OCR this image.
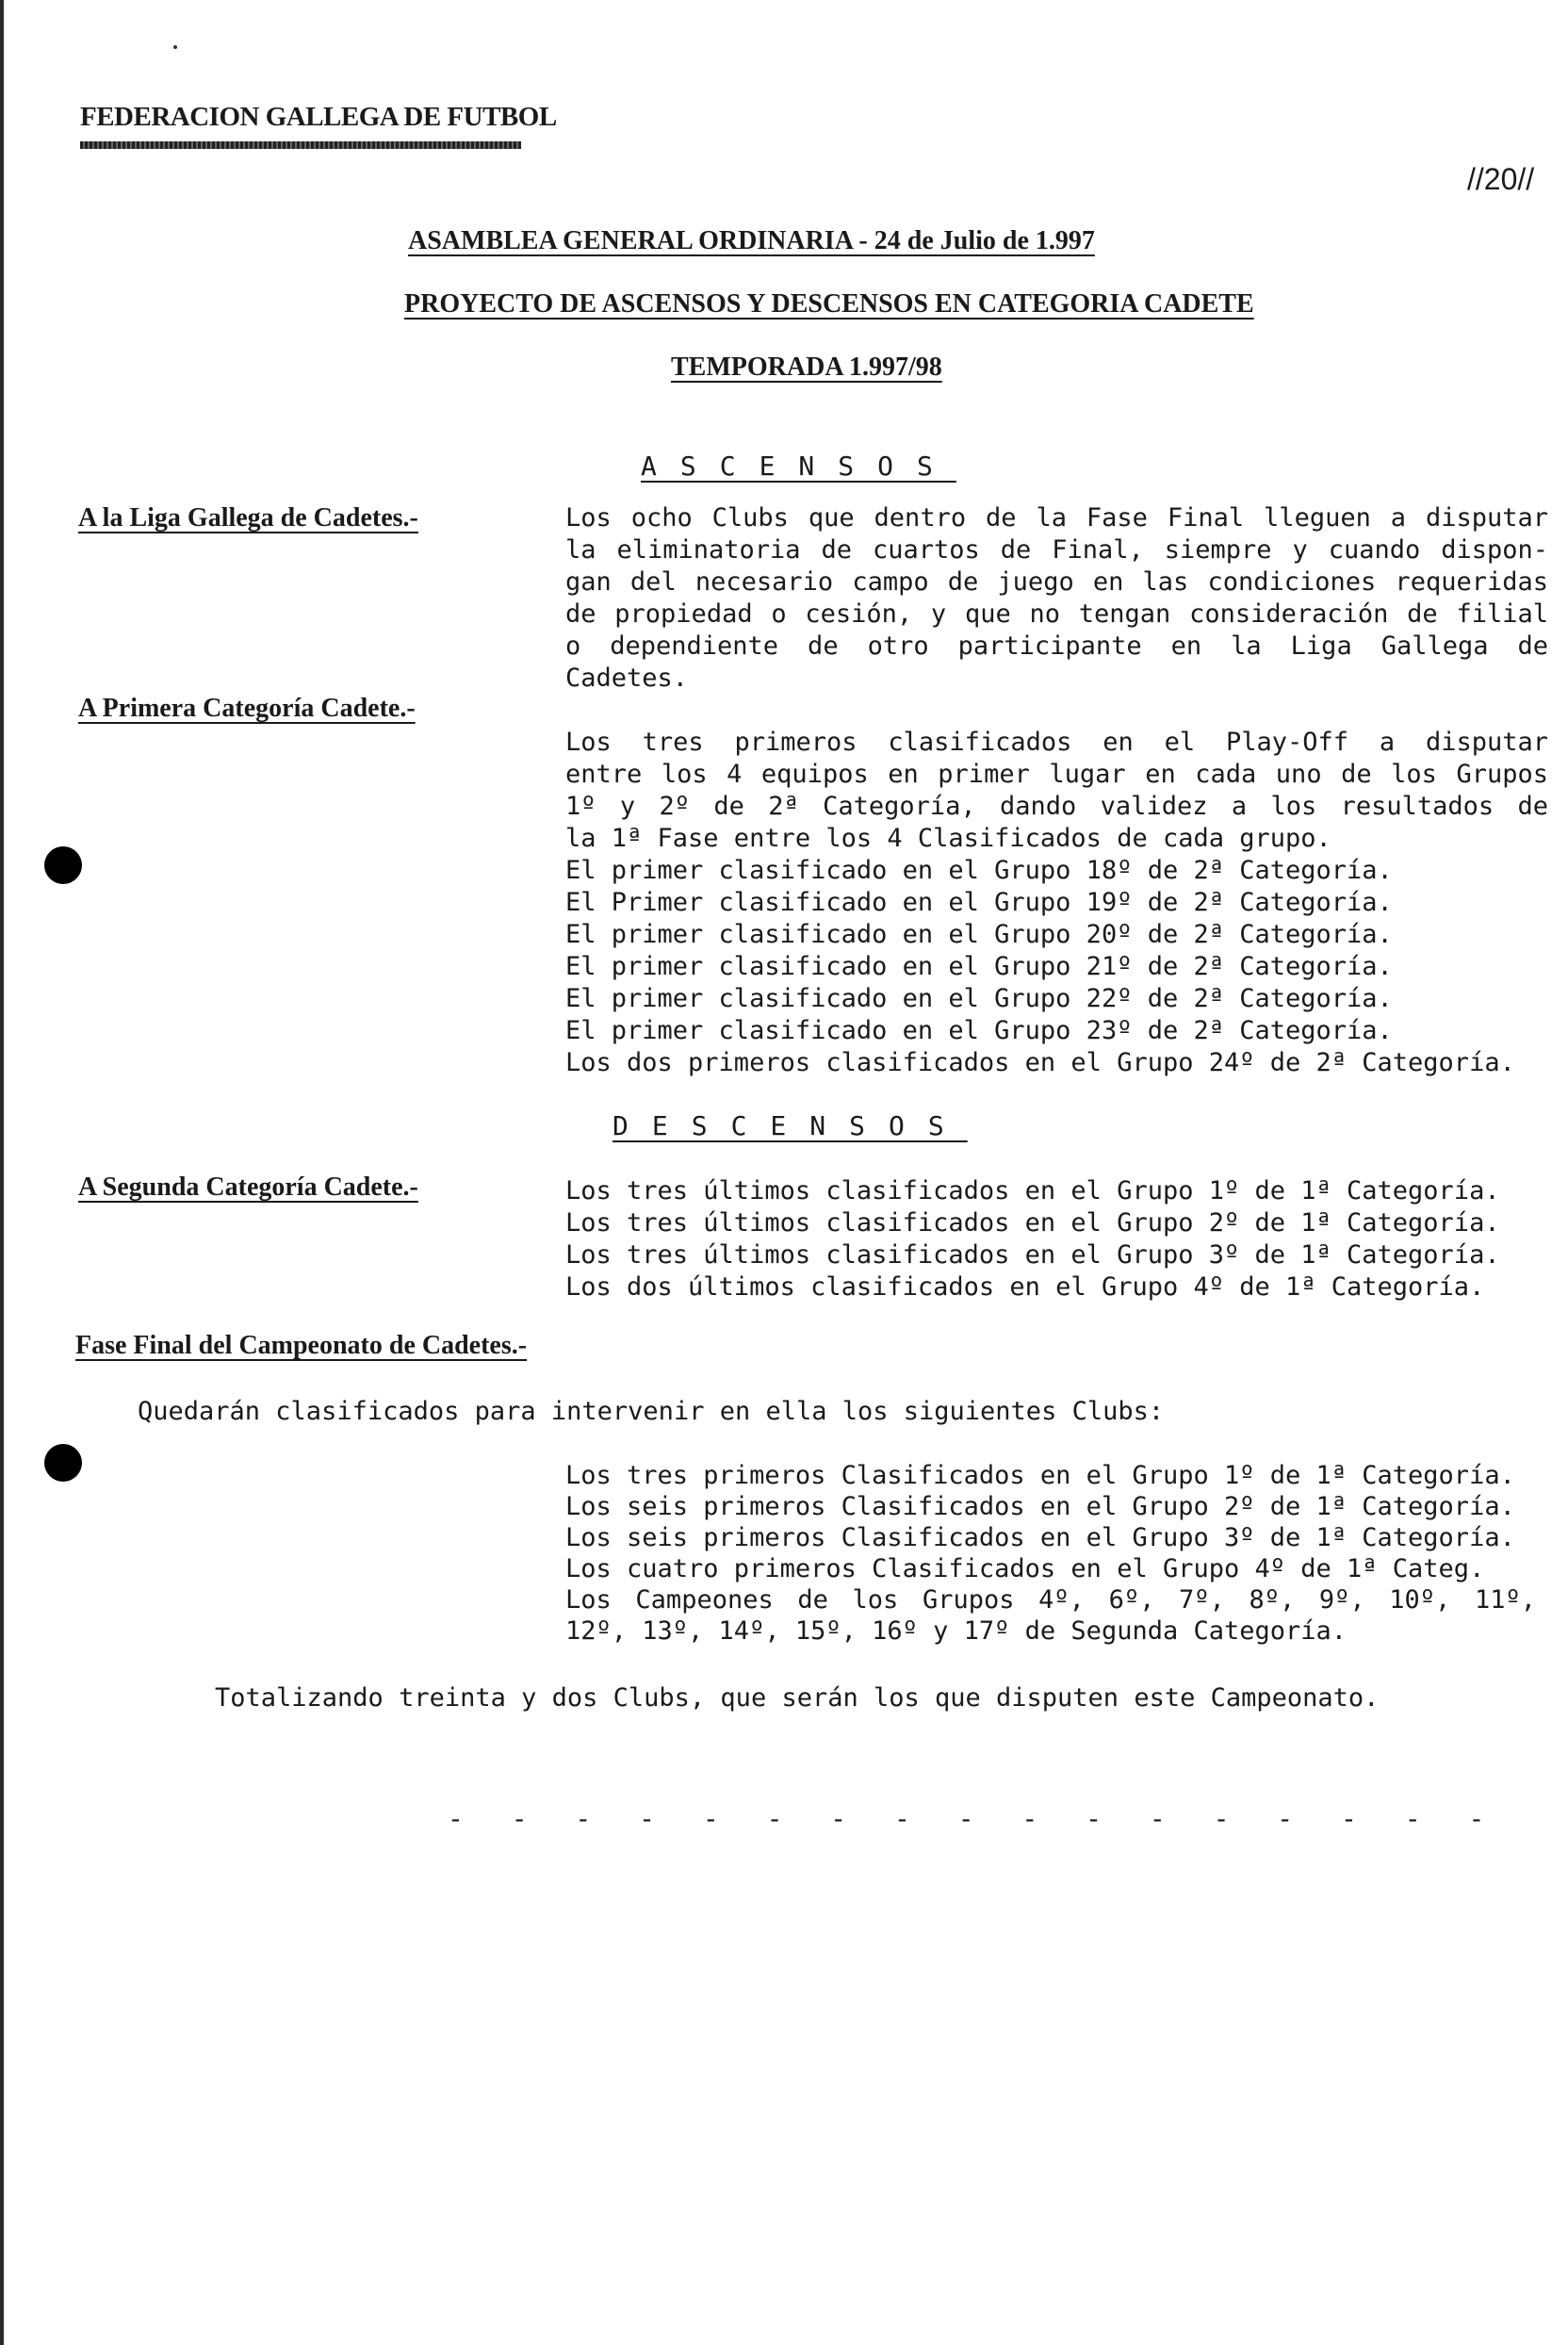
FEDERACION GALLEGA DE FUTBOL
//20//
ASAMBLEA GENERAL ORDINARIA - 24 de Julio de 1.997
PROYECTO DE ASCENSOS Y DESCENSOS EN CATEGORIA CADETE
TEMPORADA 1.997/98
ASCENSOS
A la Liga Gallega de Cadetes.-	Los ocho Clubs que dentro de la Fase Final lleguen a disputar
la eliminatoria de cuartos de Final, siempre y cuando dispon-
gan del necesario campo de juego en las condiciones requeridas
de propiedad o cesión, y que no tengan consideración de filial
o dependiente de otro participante en la Liga Gallega de
Cadetes.
A Primera Categoría Cadete.-
Los tres primeros clasificados en el Play-Off a disputar
entre los 4 equipos en primer lugar en cada uno de los Grupos
1º y 2º de 2ª Categoría, dando validez a los resultados de
la 1ª Fase entre los 4 Clasificados de cada grupo.
El primer clasificado en el Grupo 18º de 2ª Categoría.
El Primer clasificado en el Grupo 19º de 2ª Categoría.
El primer clasificado en el Grupo 20º de 2ª Categoría.
El primer clasificado en el Grupo 21º de 2ª Categoría.
El primer clasificado en el Grupo 22º de 2ª Categoría.
El primer clasificado en el Grupo 23º de 2ª Categoría.
Los dos primeros clasificados en el Grupo 24º de 2ª Categoría.
DESCENSOS
A Segunda Categoría Cadete.-	Los tres últimos clasificados en el Grupo 1º de 1ª Categoría.
Los tres últimos clasificados en el Grupo 2º de 1ª Categoría.
Los tres últimos clasificados en el Grupo 3º de 1ª Categoría.
Los dos últimos clasificados en el Grupo 4º de 1ª Categoría.
Fase Final del Campeonato de Cadetes.-
Quedarán clasificados para intervenir en ella los siguientes Clubs:
Los tres primeros Clasificados en el Grupo 1º de 1ª Categoría.
Los seis primeros Clasificados en el Grupo 2º de 1ª Categoría.
Los seis primeros Clasificados en el Grupo 3º de 1ª Categoría.
Los cuatro primeros Clasificados en el Grupo 4º de 1ª Categ.
Los Campeones de los Grupos 4º, 6º, 7º, 8º, 9º, 10º, 11º,
12º, 13º, 14º, 15º, 16º y 17º de Segunda Categoría.
Totalizando treinta y dos Clubs, que serán los que disputen este Campeonato.
- - - - - - - - - - - - - - - - -
